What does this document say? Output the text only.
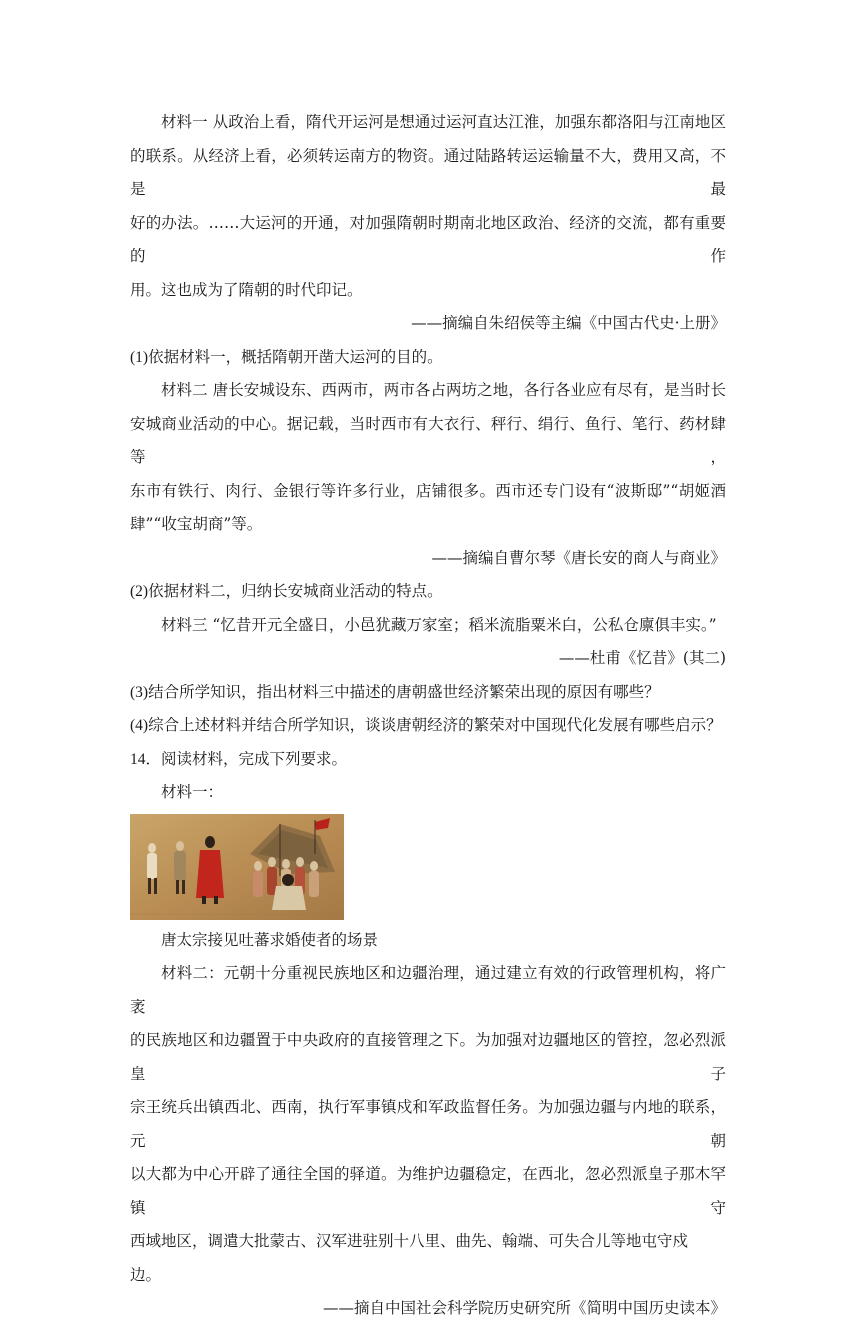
材料一 从政治上看，隋代开运河是想通过运河直达江淮，加强东都洛阳与江南地区
的联系。从经济上看，必须转运南方的物资。通过陆路转运运输量不大，费用又高，不是最
好的办法。……大运河的开通，对加强隋朝时期南北地区政治、经济的交流，都有重要的作
用。这也成为了隋朝的时代印记。
——摘编自朱绍侯等主编《中国古代史·上册》
(1)依据材料一，概括隋朝开凿大运河的目的。
材料二 唐长安城设东、西两市，两市各占两坊之地，各行各业应有尽有，是当时长
安城商业活动的中心。据记载，当时西市有大衣行、秤行、绢行、鱼行、笔行、药材肆等，
东市有铁行、肉行、金银行等许多行业，店铺很多。西市还专门设有“波斯邸”“胡姬酒
肆”“收宝胡商”等。
——摘编自曹尔琴《唐长安的商人与商业》
(2)依据材料二，归纳长安城商业活动的特点。
材料三 “忆昔开元全盛日，小邑犹藏万家室；稻米流脂粟米白，公私仓廪俱丰实。”
——杜甫《忆昔》(其二)
(3)结合所学知识，指出材料三中描述的唐朝盛世经济繁荣出现的原因有哪些？
(4)综合上述材料并结合所学知识，谈谈唐朝经济的繁荣对中国现代化发展有哪些启示？
14．阅读材料，完成下列要求。
材料一：
唐太宗接见吐蕃求婚使者的场景
材料二：元朝十分重视民族地区和边疆治理，通过建立有效的行政管理机构，将广袤
的民族地区和边疆置于中央政府的直接管理之下。为加强对边疆地区的管控，忽必烈派皇子
宗王统兵出镇西北、西南，执行军事镇戍和军政监督任务。为加强边疆与内地的联系，元朝
以大都为中心开辟了通往全国的驿道。为维护边疆稳定，在西北，忽必烈派皇子那木罕镇守
西域地区，调遣大批蒙古、汉军进驻别十八里、曲先、翰端、可失合儿等地屯守戍
边。
——摘自中国社会科学院历史研究所《简明中国历史读本》
